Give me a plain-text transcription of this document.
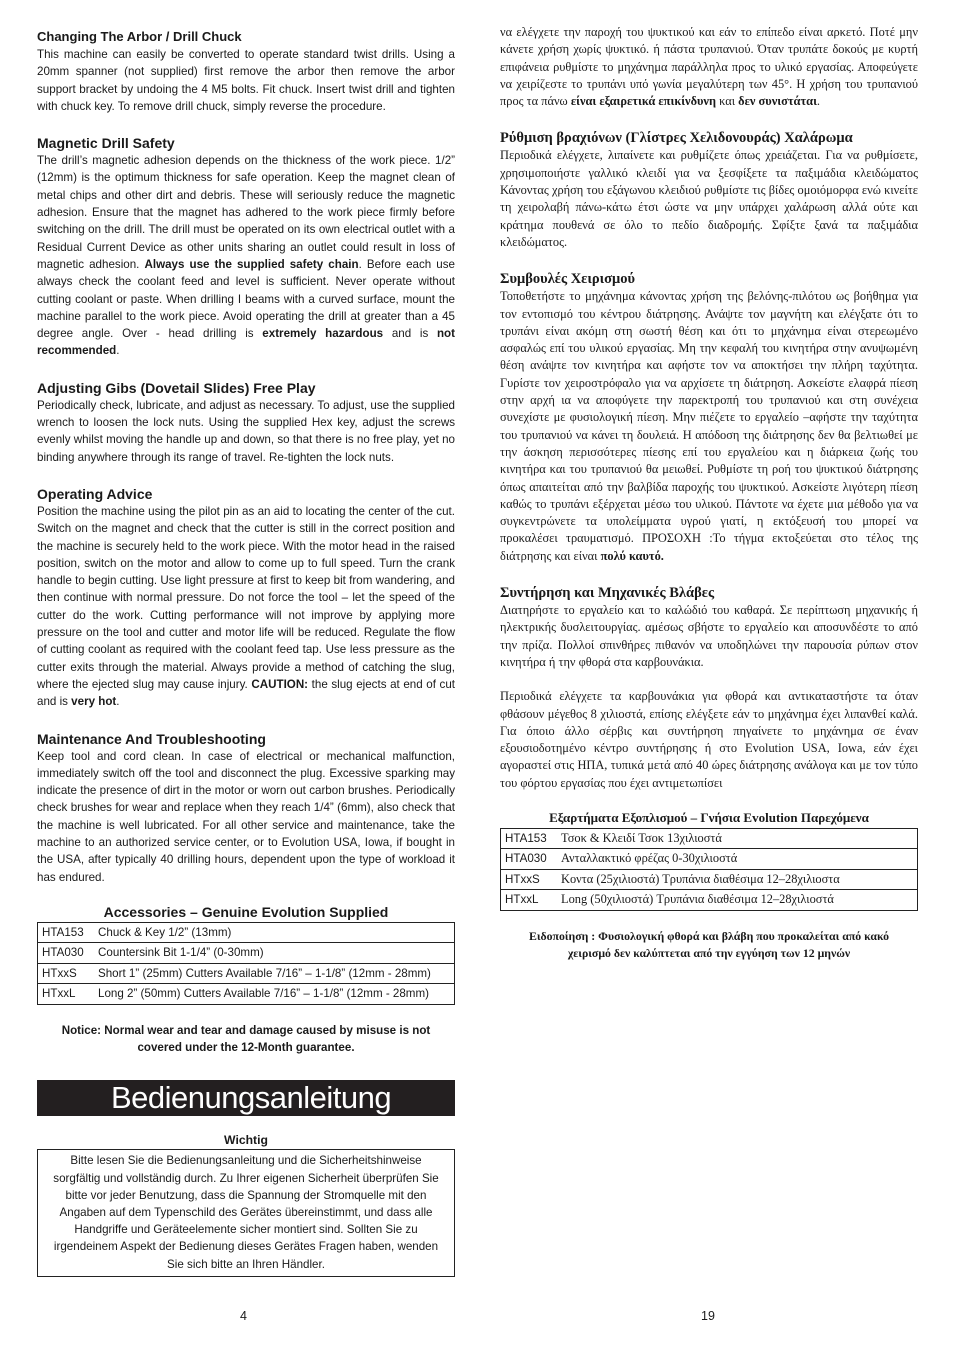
Changing The Arbor / Drill Chuck

This machine can easily be converted to operate standard twist drills. Using a 20mm spanner (not supplied) first remove the arbor then remove the arbor support bracket by undoing the 4 M5 bolts. Fit chuck. Insert twist drill and tighten with chuck key. To remove drill chuck, simply reverse the procedure.

Magnetic Drill Safety

The drill’s magnetic adhesion depends on the thickness of the work piece. 1/2” (12mm) is the optimum thickness for safe operation. Keep the magnet clean of metal chips and other dirt and debris. These will seriously reduce the magnetic adhesion. Ensure that the magnet has adhered to the work piece firmly before switching on the drill. The drill must be operated on its own electrical outlet with a Residual Current Device as other units sharing an outlet could result in loss of magnetic adhesion. Always use the supplied safety chain. Before each use always check the coolant feed and level is sufficient. Never operate without cutting coolant or paste. When drilling I beams with a curved surface, mount the machine parallel to the work piece. Avoid operating the drill at greater than a 45 degree angle. Over - head drilling is extremely hazardous and is not recommended.

Adjusting Gibs (Dovetail Slides) Free Play

Periodically check, lubricate, and adjust as necessary. To adjust, use the supplied wrench to loosen the lock nuts. Using the supplied Hex key, adjust the screws evenly whilst moving the handle up and down, so that there is no free play, yet no binding anywhere through its range of travel. Re-tighten the lock nuts.

Operating Advice

Position the machine using the pilot pin as an aid to locating the center of the cut. Switch on the magnet and check that the cutter is still in the correct position and the machine is securely held to the work piece. With the motor head in the raised position, switch on the motor and allow to come up to full speed. Turn the crank handle to begin cutting. Use light pressure at first to keep bit from wandering, and then continue with normal pressure. Do not force the tool – let the speed of the cutter do the work. Cutting performance will not improve by applying more pressure on the tool and cutter and motor life will be reduced. Regulate the flow of cutting coolant as required with the coolant feed tap. Use less pressure as the cutter exits through the material. Always provide a method of catching the slug, where the ejected slug may cause injury. CAUTION: the slug ejects at end of cut and is very hot.

Maintenance And Troubleshooting

Keep tool and cord clean. In case of electrical or mechanical malfunction, immediately switch off the tool and disconnect the plug. Excessive sparking may indicate the presence of dirt in the motor or worn out carbon brushes. Periodically check brushes for wear and replace when they reach 1/4” (6mm), also check that the machine is well lubricated. For all other service and maintenance, take the machine to an authorized service center, or to Evolution USA, Iowa, if bought in the USA, after typically 40 drilling hours, dependent upon the type of workload it has endured.

Accessories – Genuine Evolution Supplied
HTA153	Chuck & Key 1/2” (13mm)
HTA030	Countersink Bit 1-1/4” (0-30mm)
HTxxS	Short 1” (25mm) Cutters Available 7/16” – 1-1/8” (12mm - 28mm)
HTxxL	Long 2” (50mm) Cutters Available 7/16” – 1-1/8” (12mm - 28mm)
Notice: Normal wear and tear and damage caused by misuse is not covered under the 12-Month guarantee.
Bedienungsanleitung
Wichtig
Bitte lesen Sie die Bedienungsanleitung und die Sicherheitshinweise sorgfältig und vollständig durch. Zu Ihrer eigenen Sicherheit überprüfen Sie bitte vor jeder Benutzung, dass die Spannung der Stromquelle mit den Angaben auf dem Typenschild des Gerätes übereinstimmt, und dass alle Handgriffe und Geräteelemente sicher montiert sind. Sollten Sie zu irgendeinem Aspekt der Bedienung dieses Gerätes Fragen haben, wenden Sie sich bitte an Ihren Händler.

να ελέγχετε την παροχή του ψυκτικού και εάν το επίπεδο είναι αρκετό. Ποτέ μην κάνετε χρήση χωρίς ψυκτικό. ή πάστα τρυπανιού. Όταν τρυπάτε δοκούς με κυρτή επιφάνεια ρυθμίστε το μηχάνημα παράλληλα προς το υλικό εργασίας. Αποφεύγετε να χειρίζεστε το τρυπάνι υπό γωνία μεγαλύτερη των 45°. Η χρήση του τρυπανιού προς τα πάνω είναι εξαιρετικά επικίνδυνη και δεν συνιστάται.

Ρύθμιση βραχιόνων (Γλίστρες Χελιδονουράς) Χαλάρωμα

Περιοδικά ελέγχετε, λιπαίνετε και ρυθμίζετε όπως χρειάζεται. Για να ρυθμίσετε, χρησιμοποιήστε γαλλικό κλειδί για να ξεσφίξετε τα παξιμάδια κλειδώματος Κάνοντας χρήση του εξάγωνου κλειδιού ρυθμίστε τις βίδες ομοιόμορφα ενώ κινείτε τη χειρολαβή πάνω-κάτω έτσι ώστε να μην υπάρχει χαλάρωση αλλά ούτε και κράτημα πουθενά σε όλο το πεδίο διαδρομής. Σφίξτε ξανά τα παξιμάδια κλειδώματος.

Συμβουλές Χειρισμού

Τοποθετήστε το μηχάνημα κάνοντας χρήση της βελόνης-πιλότου ως βοήθημα για τον εντοπισμό του κέντρου διάτρησης. Ανάψτε τον μαγνήτη και ελέγξατε ότι το τρυπάνι είναι ακόμη στη σωστή θέση και ότι το μηχάνημα είναι στερεωμένο ασφαλώς επί του υλικού εργασίας. Μη την κεφαλή του κινητήρα στην ανυψωμένη θέση ανάψτε τον κινητήρα και αφήστε τον να αποκτήσει την πλήρη ταχύτητα. Γυρίστε τον χειροστρόφαλο για να αρχίσετε τη διάτρηση. Ασκείστε ελαφρά πίεση στην αρχή ια να αποφύγετε την παρεκτροπή του τρυπανιού και στη συνέχεια συνεχίστε με φυσιολογική πίεση. Μην πιέζετε το εργαλείο –αφήστε την ταχύτητα του τρυπανιού να κάνει τη δουλειά. Η απόδοση της διάτρησης δεν θα βελτιωθεί με την άσκηση περισσότερες πίεσης επί του εργαλείου και η διάρκεια ζωής του κινητήρα και του τρυπανιού θα μειωθεί. Ρυθμίστε τη ροή του ψυκτικού διάτρησης όπως απαιτείται από την βαλβίδα παροχής του ψυκτικού. Ασκείστε λιγότερη πίεση καθώς το τρυπάνι εξέρχεται μέσω του υλικού. Πάντοτε να έχετε μια μέθοδο για να συγκεντρώνετε τα υπολείμματα υγρού γιατί, η εκτόξευσή του μπορεί να προκαλέσει τραυματισμό. ΠΡΟΣΟΧΗ :Το τήγμα εκτοξεύεται στο τέλος της διάτρησης και είναι πολύ καυτό.

Συντήρηση και Μηχανικές Βλάβες

Διατηρήστε το εργαλείο και το καλώδιό του καθαρά. Σε περίπτωση μηχανικής ή ηλεκτρικής δυσλειτουργίας. αμέσως σβήστε το εργαλείο και αποσυνδέστε το από την πρίζα. Πολλοί σπινθήρες πιθανόν να υποδηλώνει την παρουσία ρύπων στον κινητήρα ή την φθορά στα καρβουνάκια.

Περιοδικά ελέγχετε τα καρβουνάκια για φθορά και αντικαταστήστε τα όταν φθάσουν μέγεθος 8 χιλιοστά, επίσης ελέγξετε εάν το μηχάνημα έχει λιπανθεί καλά. Για όποιο άλλο σέρβις και συντήρηση πηγαίνετε το μηχάνημα σε έναν εξουσιοδοτημένο κέντρο συντήρησης ή στο Evolution USA, Iowa, εάν έχει αγοραστεί στις ΗΠΑ, τυπικά μετά από 40 ώρες διάτρησης ανάλογα και με τον τύπο του φόρτου εργασίας που έχει αντιμετωπίσει

Εξαρτήματα Εξοπλισμού – Γνήσια Evolution Παρεχόμενα
HTA153	Τσοκ & Κλειδί Τσοκ 13χιλιοστά
HTA030	Ανταλλακτικό φρέζας 0-30χιλιοστά
HTxxS	Κοντα (25χιλιοστά) Τρυπάνια διαθέσιμα 12–28χιλιοστα
HTxxL	Long (50χιλιοστά) Τρυπάνια διαθέσιμα 12–28χιλιοστά
Ειδοποίηση : Φυσιολογική φθορά και βλάβη που προκαλείται από κακό χειρισμό δεν καλύπτεται από την εγγύηση των 12 μηνών
4	19
